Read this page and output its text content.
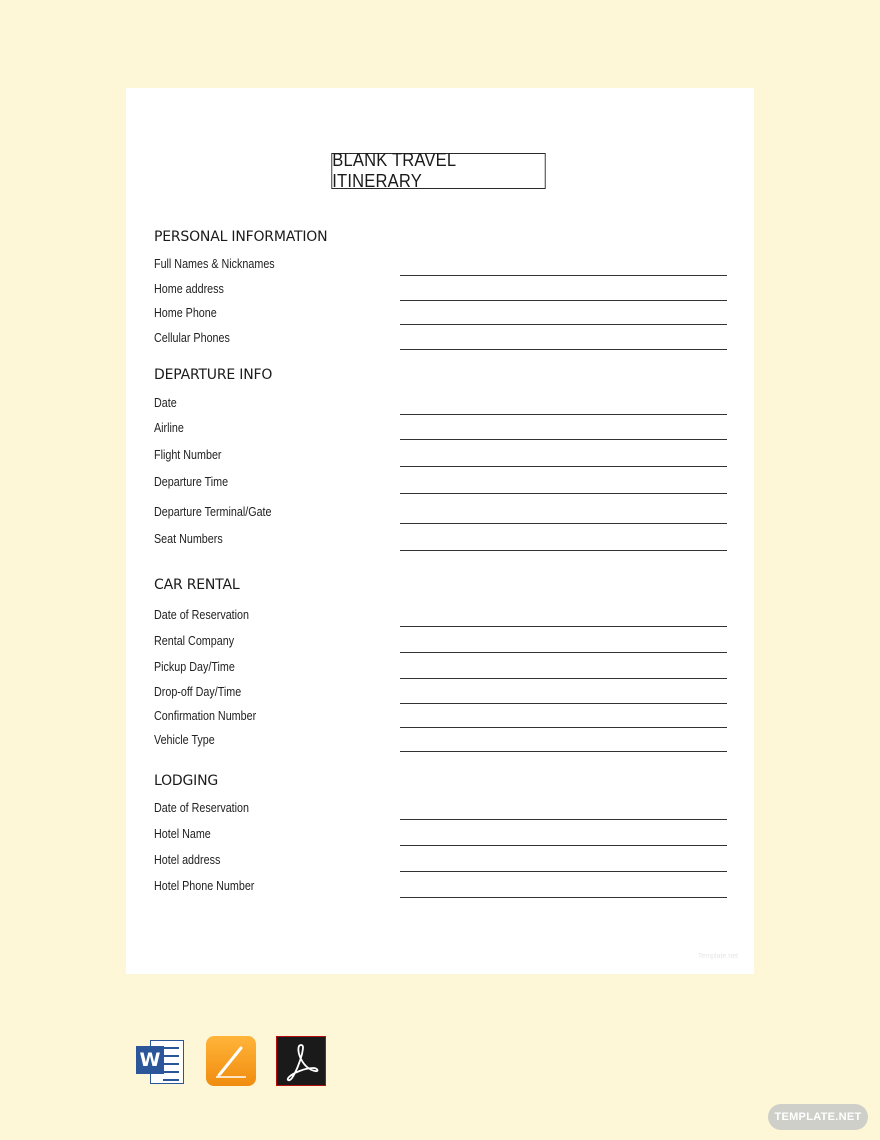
BLANK TRAVEL ITINERARY
PERSONAL INFORMATION
Full Names & Nicknames
Home address
Home Phone
Cellular Phones
DEPARTURE INFO
Date
Airline
Flight Number
Departure Time
Departure Terminal/Gate
Seat Numbers
CAR RENTAL
Date of Reservation
Rental Company
Pickup Day/Time
Drop-off Day/Time
Confirmation Number
Vehicle Type
LODGING
Date of Reservation
Hotel Name
Hotel address
Hotel Phone Number
Template.net
W
TEMPLATE.NET
